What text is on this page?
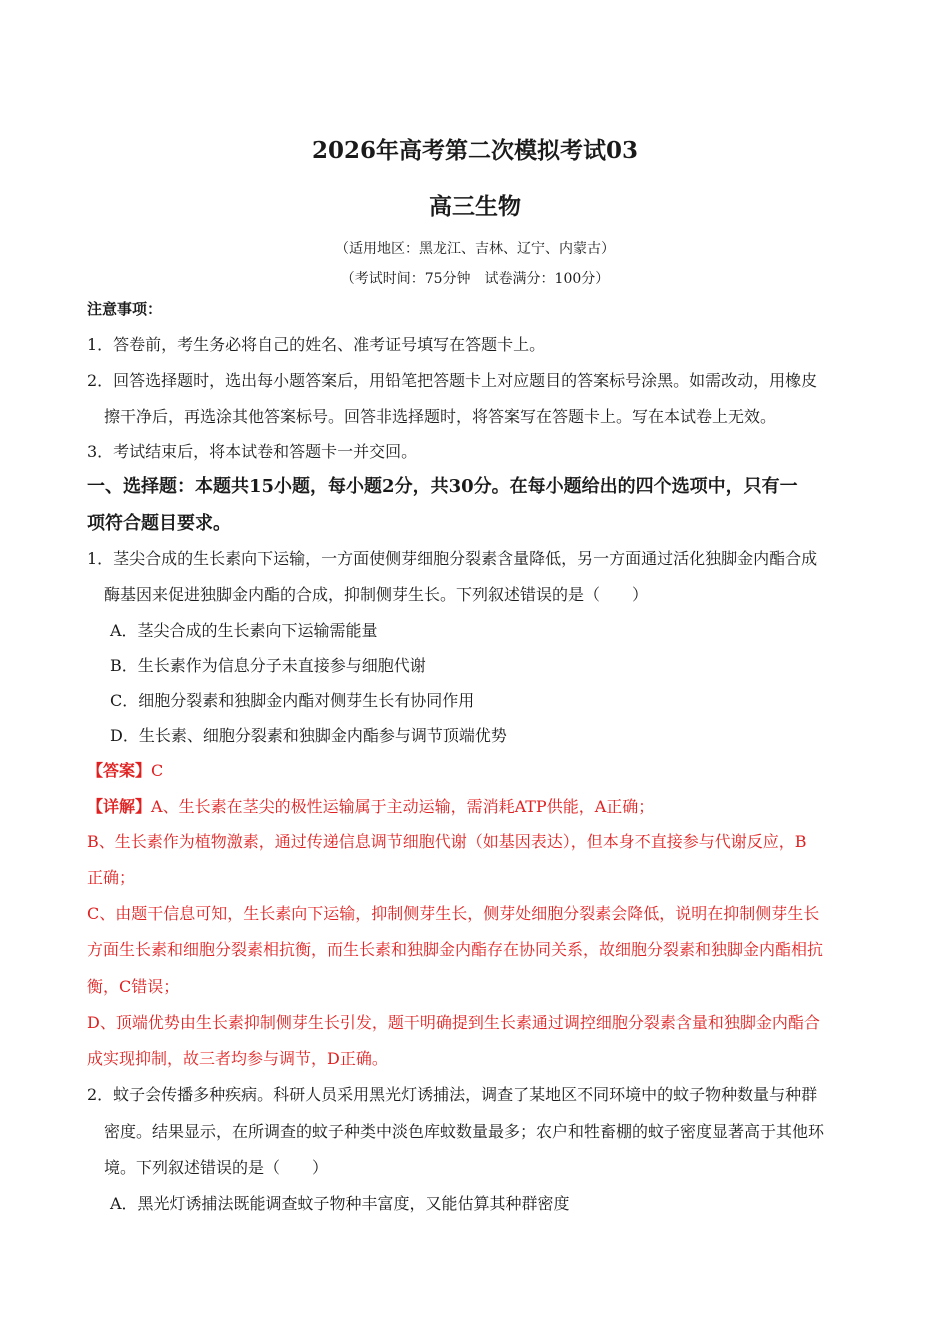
2026年高考第二次模拟考试03
高三生物
（适用地区：黑龙江、吉林、辽宁、内蒙古）
（考试时间：75分钟　试卷满分：100分）
注意事项：
1．答卷前，考生务必将自己的姓名、准考证号填写在答题卡上。
2．回答选择题时，选出每小题答案后，用铅笔把答题卡上对应题目的答案标号涂黑。如需改动，用橡皮
擦干净后，再选涂其他答案标号。回答非选择题时，将答案写在答题卡上。写在本试卷上无效。
3．考试结束后，将本试卷和答题卡一并交回。
一、选择题：本题共15小题，每小题2分，共30分。在每小题给出的四个选项中，只有一
项符合题目要求。
1．茎尖合成的生长素向下运输，一方面使侧芽细胞分裂素含量降低，另一方面通过活化独脚金内酯合成
酶基因来促进独脚金内酯的合成，抑制侧芽生长。下列叙述错误的是（　　）
A．茎尖合成的生长素向下运输需能量
B．生长素作为信息分子未直接参与细胞代谢
C．细胞分裂素和独脚金内酯对侧芽生长有协同作用
D．生长素、细胞分裂素和独脚金内酯参与调节顶端优势
【答案】C
【详解】A、生长素在茎尖的极性运输属于主动运输，需消耗ATP供能，A正确；
B、生长素作为植物激素，通过传递信息调节细胞代谢（如基因表达），但本身不直接参与代谢反应，B
正确；
C、由题干信息可知，生长素向下运输，抑制侧芽生长，侧芽处细胞分裂素会降低，说明在抑制侧芽生长
方面生长素和细胞分裂素相抗衡，而生长素和独脚金内酯存在协同关系，故细胞分裂素和独脚金内酯相抗
衡，C错误；
D、顶端优势由生长素抑制侧芽生长引发，题干明确提到生长素通过调控细胞分裂素含量和独脚金内酯合
成实现抑制，故三者均参与调节，D正确。
2．蚊子会传播多种疾病。科研人员采用黑光灯诱捕法，调查了某地区不同环境中的蚊子物种数量与种群
密度。结果显示，在所调查的蚊子种类中淡色库蚊数量最多；农户和牲畜棚的蚊子密度显著高于其他环
境。下列叙述错误的是（　　）
A．黑光灯诱捕法既能调查蚊子物种丰富度，又能估算其种群密度
